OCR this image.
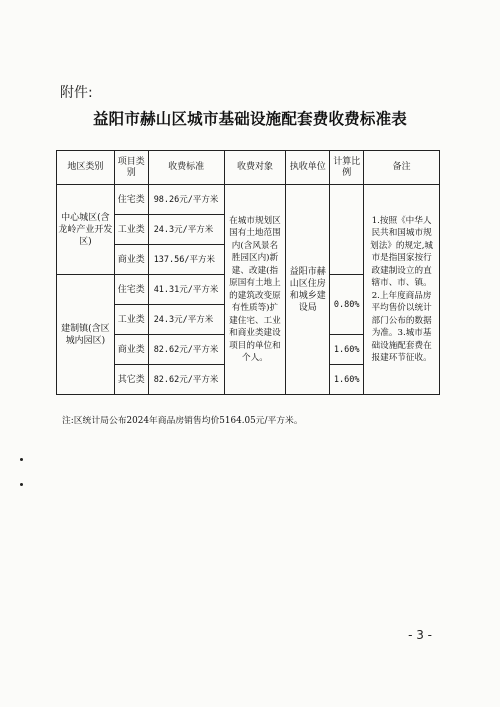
附件:
益阳市赫山区城市基础设施配套费收费标准表
地区类别	项目类别	收费标准	收费对象	执收单位	计算比例	备注
中心城区(含龙岭产业开发区)	住宅类	98.26元/平方米	在城市规划区国有土地范围内(含风景名胜园区内)新建、改建(指原国有土地上的建筑改变原有性质等)扩建住宅、工业和商业类建设项目的单位和个人。	益阳市赫山区住房和城乡建设局		1.按照《中华人民共和国城市规划法》的规定,城市是指国家按行政建制设立的直辖市、市、镇。2.上年度商品房平均售价以统计部门公布的数据为准。3.城市基础设施配套费在报建环节征收。
	工业类	24.3元/平方米				
	商业类	137.56/平方米				
建制镇(含区城内园区)	住宅类	41.31元/平方米			0.80%	
	工业类	24.3元/平方米				
	商业类	82.62元/平方米			1.60%	
	其它类	82.62元/平方米			1.60%	
注:区统计局公布2024年商品房销售均价5164.05元/平方米。
- 3 -
